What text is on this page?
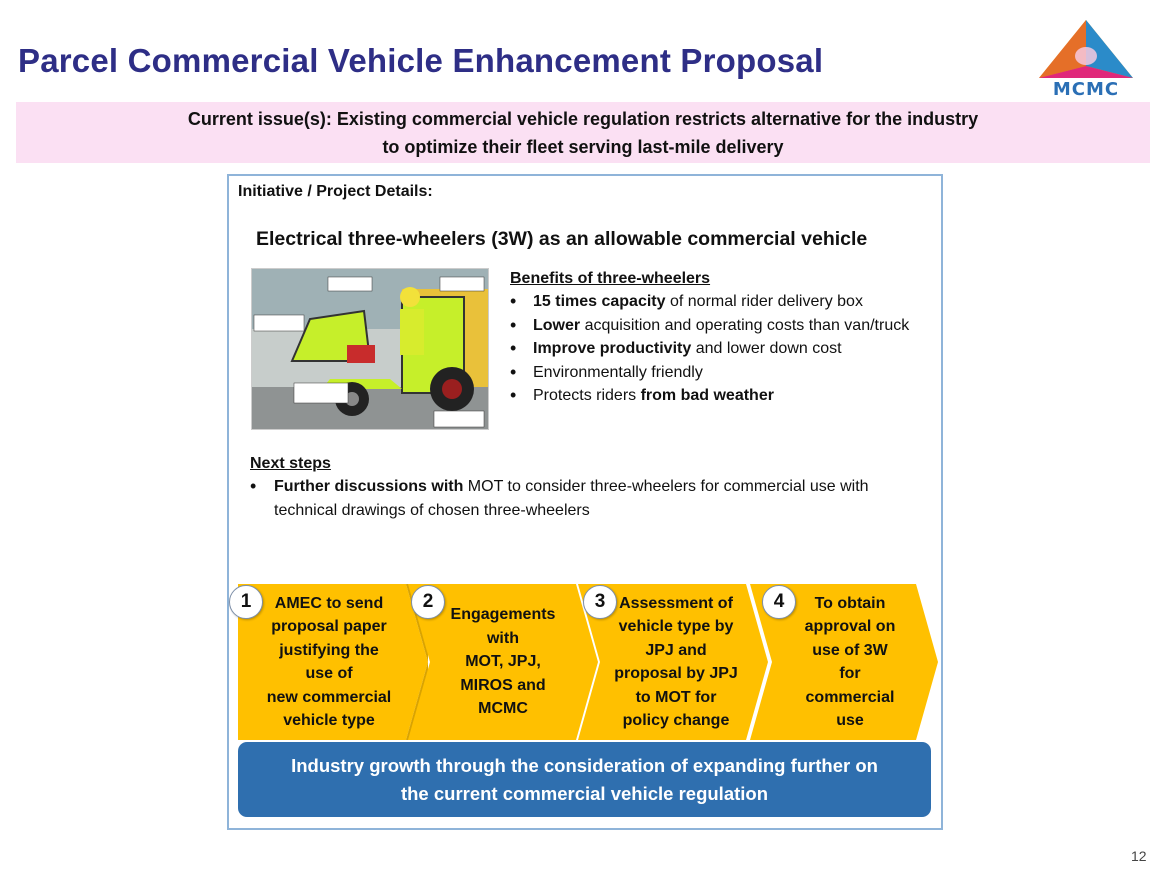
Parcel Commercial Vehicle Enhancement Proposal
MCMC
Current issue(s): Existing commercial vehicle regulation restricts alternative for the industry
to optimize their fleet serving last-mile delivery
Initiative / Project Details:
Electrical three-wheelers (3W) as an allowable commercial vehicle
Benefits of three-wheelers
• 15 times capacity of normal rider delivery box
• Lower acquisition and operating costs than van/truck
• Improve productivity and lower down cost
• Environmentally friendly
• Protects riders from bad weather
Next steps
• Further discussions with MOT to consider three-wheelers for commercial use with technical drawings of chosen three-wheelers
1	AMEC to send
proposal paper
justifying the
use of
new commercial
vehicle type
2
Engagements
with
MOT, JPJ,
MIROS and
MCMC
3 Assessment of
vehicle type by
JPJ and
proposal by JPJ
to MOT for
policy change
4	To obtain
approval on
use of 3W
for
commercial
use
Industry growth through the consideration of expanding further on
the current commercial vehicle regulation
12
